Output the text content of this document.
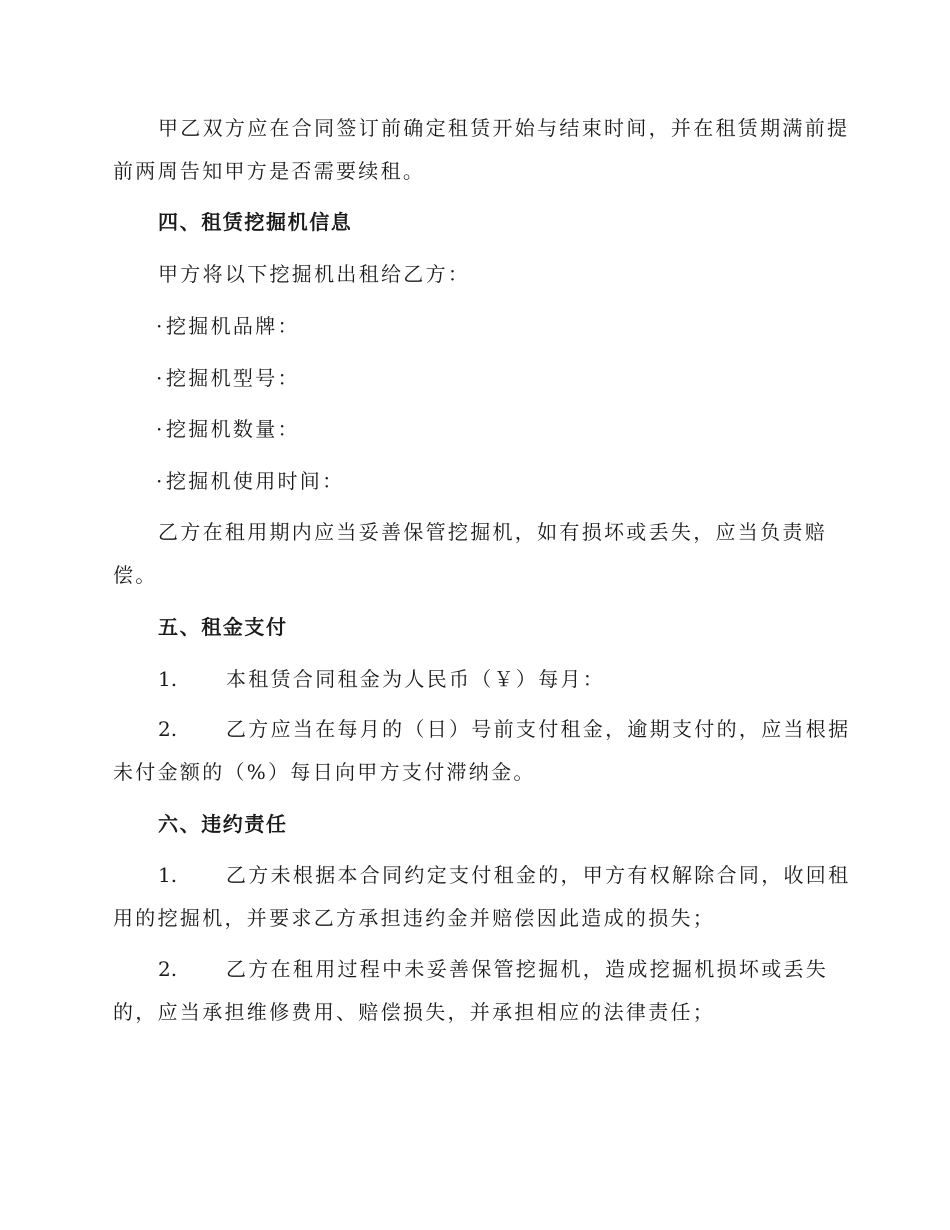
甲乙双方应在合同签订前确定租赁开始与结束时间，并在租赁期满前提
前两周告知甲方是否需要续租。
四、租赁挖掘机信息
甲方将以下挖掘机出租给乙方：
·挖掘机品牌：
·挖掘机型号：
·挖掘机数量：
·挖掘机使用时间：
乙方在租用期内应当妥善保管挖掘机，如有损坏或丢失，应当负责赔
偿。
五、租金支付
1. 本租赁合同租金为人民币（￥）每月：
2. 乙方应当在每月的（日）号前支付租金，逾期支付的，应当根据
未付金额的（%）每日向甲方支付滞纳金。
六、违约责任
1. 乙方未根据本合同约定支付租金的，甲方有权解除合同，收回租
用的挖掘机，并要求乙方承担违约金并赔偿因此造成的损失；
2. 乙方在租用过程中未妥善保管挖掘机，造成挖掘机损坏或丢失
的，应当承担维修费用、赔偿损失，并承担相应的法律责任；
